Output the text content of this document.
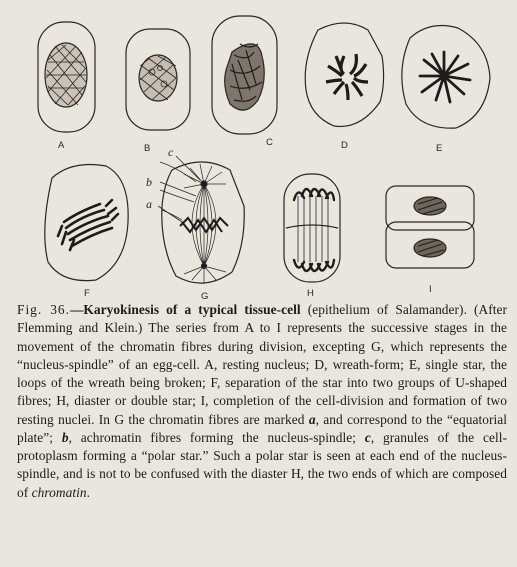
A	B
C	D	E
F	G	H	I
c
b
a
Fig. 36.—Karyokinesis of a typical tissue-cell (epithelium of Salamander). (After Flemming and Klein.) The series from A to I represents the successive stages in the movement of the chromatin fibres during division, excepting G, which represents the “nucleus-spindle” of an egg-cell. A, resting nucleus; D, wreath-form; E, single star, the loops of the wreath being broken; F, separation of the star into two groups of U-shaped fibres; H, diaster or double star; I, completion of the cell-division and formation of two resting nuclei. In G the chromatin fibres are marked a, and correspond to the “equatorial plate”; b, achromatin fibres forming the nucleus-spindle; c, granules of the cell-protoplasm forming a “polar star.” Such a polar star is seen at each end of the nucleus-spindle, and is not to be confused with the diaster H, the two ends of which are composed of chromatin.
